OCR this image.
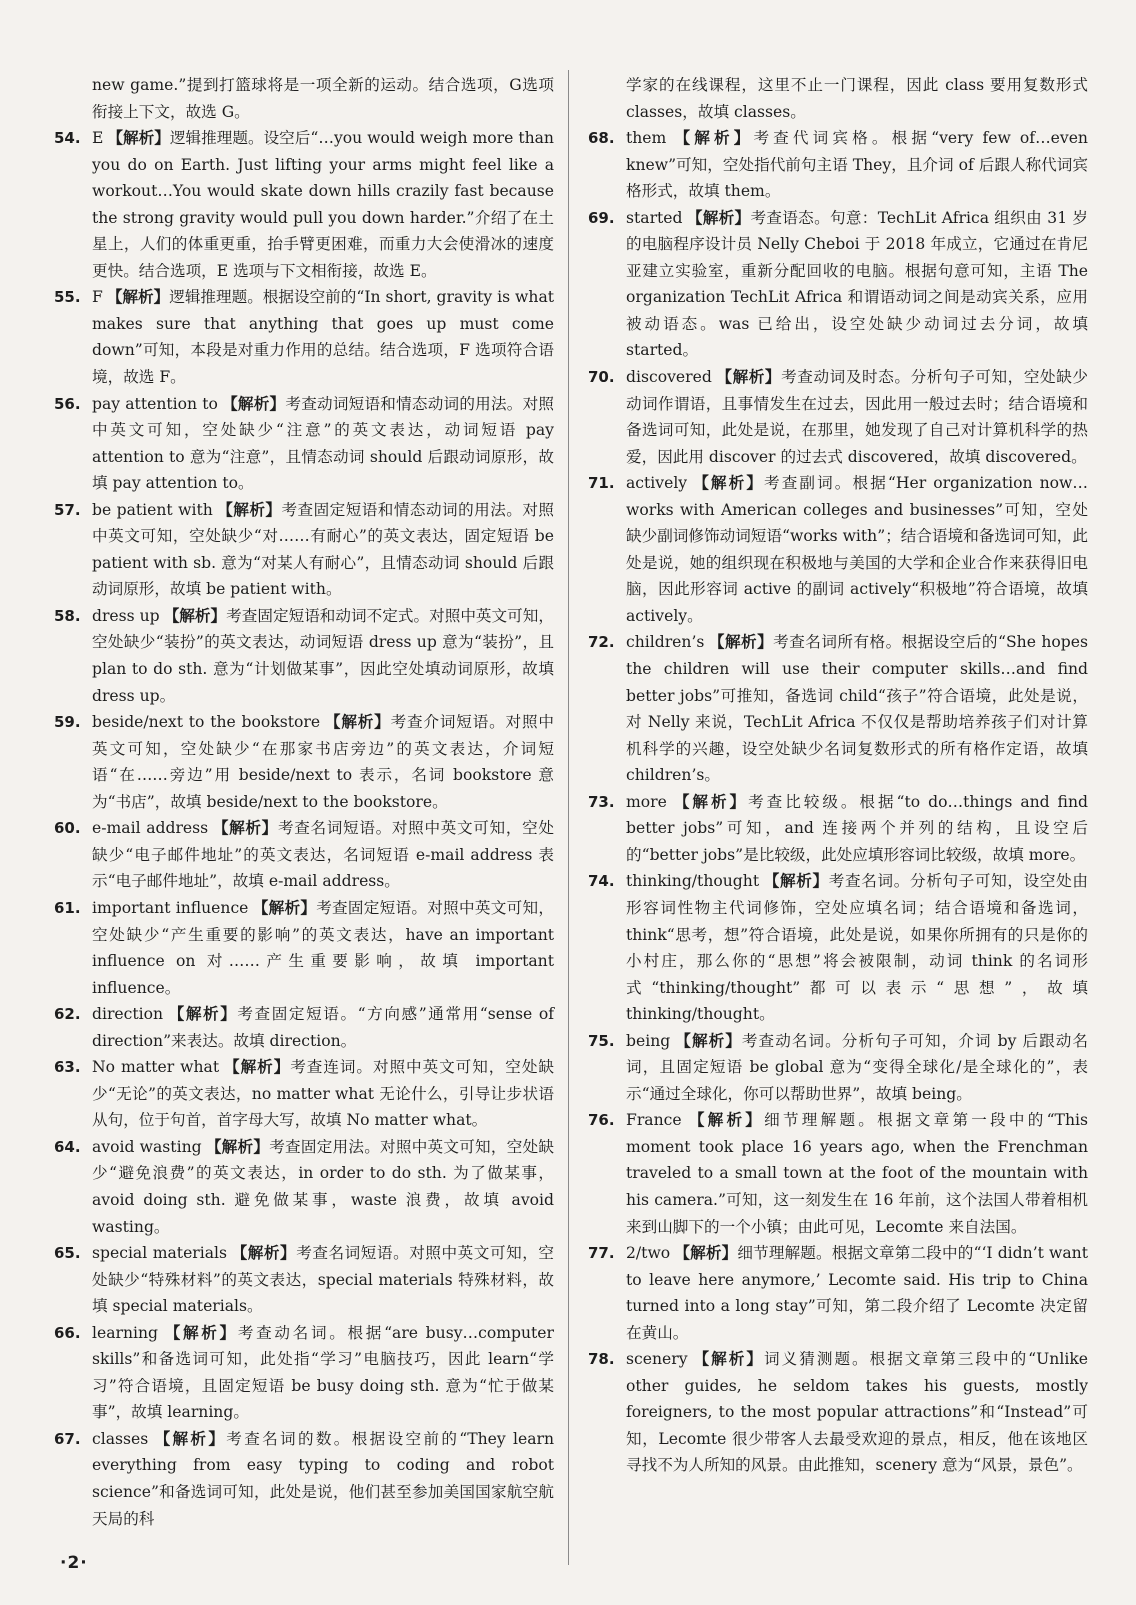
new game.”提到打篮球将是一项全新的运动。结合选项，G选项衔接上下文，故选 G。
54. E 【解析】逻辑推理题。设空后“…you would weigh more than you do on Earth. Just lifting your arms might feel like a workout…You would skate down hills crazily fast because the strong gravity would pull you down harder.”介绍了在土星上，人们的体重更重，抬手臂更困难，而重力大会使滑冰的速度更快。结合选项，E 选项与下文相衔接，故选 E。
55. F 【解析】逻辑推理题。根据设空前的“In short, gravity is what makes sure that anything that goes up must come down”可知，本段是对重力作用的总结。结合选项，F 选项符合语境，故选 F。
56. pay attention to 【解析】考查动词短语和情态动词的用法。对照中英文可知，空处缺少“注意”的英文表达，动词短语 pay attention to 意为“注意”，且情态动词 should 后跟动词原形，故填 pay attention to。
57. be patient with 【解析】考查固定短语和情态动词的用法。对照中英文可知，空处缺少“对……有耐心”的英文表达，固定短语 be patient with sb. 意为“对某人有耐心”，且情态动词 should 后跟动词原形，故填 be patient with。
58. dress up 【解析】考查固定短语和动词不定式。对照中英文可知，空处缺少“装扮”的英文表达，动词短语 dress up 意为“装扮”，且 plan to do sth. 意为“计划做某事”，因此空处填动词原形，故填 dress up。
59. beside/next to the bookstore 【解析】考查介词短语。对照中英文可知，空处缺少“在那家书店旁边”的英文表达，介词短语“在……旁边”用 beside/next to 表示，名词 bookstore 意为“书店”，故填 beside/next to the bookstore。
60. e-mail address 【解析】考查名词短语。对照中英文可知，空处缺少“电子邮件地址”的英文表达，名词短语 e-mail address 表示“电子邮件地址”，故填 e-mail address。
61. important influence 【解析】考查固定短语。对照中英文可知，空处缺少“产生重要的影响”的英文表达，have an important influence on 对……产生重要影响，故填 important influence。
62. direction 【解析】考查固定短语。“方向感”通常用“sense of direction”来表达。故填 direction。
63. No matter what 【解析】考查连词。对照中英文可知，空处缺少“无论”的英文表达，no matter what 无论什么，引导让步状语从句，位于句首，首字母大写，故填 No matter what。
64. avoid wasting 【解析】考查固定用法。对照中英文可知，空处缺少“避免浪费”的英文表达，in order to do sth. 为了做某事，avoid doing sth. 避免做某事，waste 浪费，故填 avoid wasting。
65. special materials 【解析】考查名词短语。对照中英文可知，空处缺少“特殊材料”的英文表达，special materials 特殊材料，故填 special materials。
66. learning 【解析】考查动名词。根据“are busy…computer skills”和备选词可知，此处指“学习”电脑技巧，因此 learn“学习”符合语境，且固定短语 be busy doing sth. 意为“忙于做某事”，故填 learning。
67. classes 【解析】考查名词的数。根据设空前的“They learn everything from easy typing to coding and robot science”和备选词可知，此处是说，他们甚至参加美国国家航空航天局的科
学家的在线课程，这里不止一门课程，因此 class 要用复数形式 classes，故填 classes。
68. them 【解析】考查代词宾格。根据“very few of…even knew”可知，空处指代前句主语 They，且介词 of 后跟人称代词宾格形式，故填 them。
69. started 【解析】考查语态。句意：TechLit Africa 组织由 31 岁的电脑程序设计员 Nelly Cheboi 于 2018 年成立，它通过在肯尼亚建立实验室，重新分配回收的电脑。根据句意可知，主语 The organization TechLit Africa 和谓语动词之间是动宾关系，应用被动语态。was 已给出，设空处缺少动词过去分词，故填 started。
70. discovered 【解析】考查动词及时态。分析句子可知，空处缺少动词作谓语，且事情发生在过去，因此用一般过去时；结合语境和备选词可知，此处是说，在那里，她发现了自己对计算机科学的热爱，因此用 discover 的过去式 discovered，故填 discovered。
71. actively 【解析】考查副词。根据“Her organization now…works with American colleges and businesses”可知，空处缺少副词修饰动词短语“works with”；结合语境和备选词可知，此处是说，她的组织现在积极地与美国的大学和企业合作来获得旧电脑，因此形容词 active 的副词 actively“积极地”符合语境，故填 actively。
72. children’s 【解析】考查名词所有格。根据设空后的“She hopes the children will use their computer skills…and find better jobs”可推知，备选词 child“孩子”符合语境，此处是说，对 Nelly 来说，TechLit Africa 不仅仅是帮助培养孩子们对计算机科学的兴趣，设空处缺少名词复数形式的所有格作定语，故填 children’s。
73. more 【解析】考查比较级。根据“to do…things and find better jobs”可知，and 连接两个并列的结构，且设空后的“better jobs”是比较级，此处应填形容词比较级，故填 more。
74. thinking/thought 【解析】考查名词。分析句子可知，设空处由形容词性物主代词修饰，空处应填名词；结合语境和备选词，think“思考，想”符合语境，此处是说，如果你所拥有的只是你的小村庄，那么你的“思想”将会被限制，动词 think 的名词形式“thinking/thought”都可以表示“思想”，故填 thinking/thought。
75. being 【解析】考查动名词。分析句子可知，介词 by 后跟动名词，且固定短语 be global 意为“变得全球化/是全球化的”，表示“通过全球化，你可以帮助世界”，故填 being。
76. France 【解析】细节理解题。根据文章第一段中的“This moment took place 16 years ago, when the Frenchman traveled to a small town at the foot of the mountain with his camera.”可知，这一刻发生在 16 年前，这个法国人带着相机来到山脚下的一个小镇；由此可见，Lecomte 来自法国。
77. 2/two 【解析】细节理解题。根据文章第二段中的“‘I didn’t want to leave here anymore,’ Lecomte said. His trip to China turned into a long stay”可知，第二段介绍了 Lecomte 决定留在黄山。
78. scenery 【解析】词义猜测题。根据文章第三段中的“Unlike other guides, he seldom takes his guests, mostly foreigners, to the most popular attractions”和“Instead”可知，Lecomte 很少带客人去最受欢迎的景点，相反，他在该地区寻找不为人所知的风景。由此推知，scenery 意为“风景，景色”。
·2·
